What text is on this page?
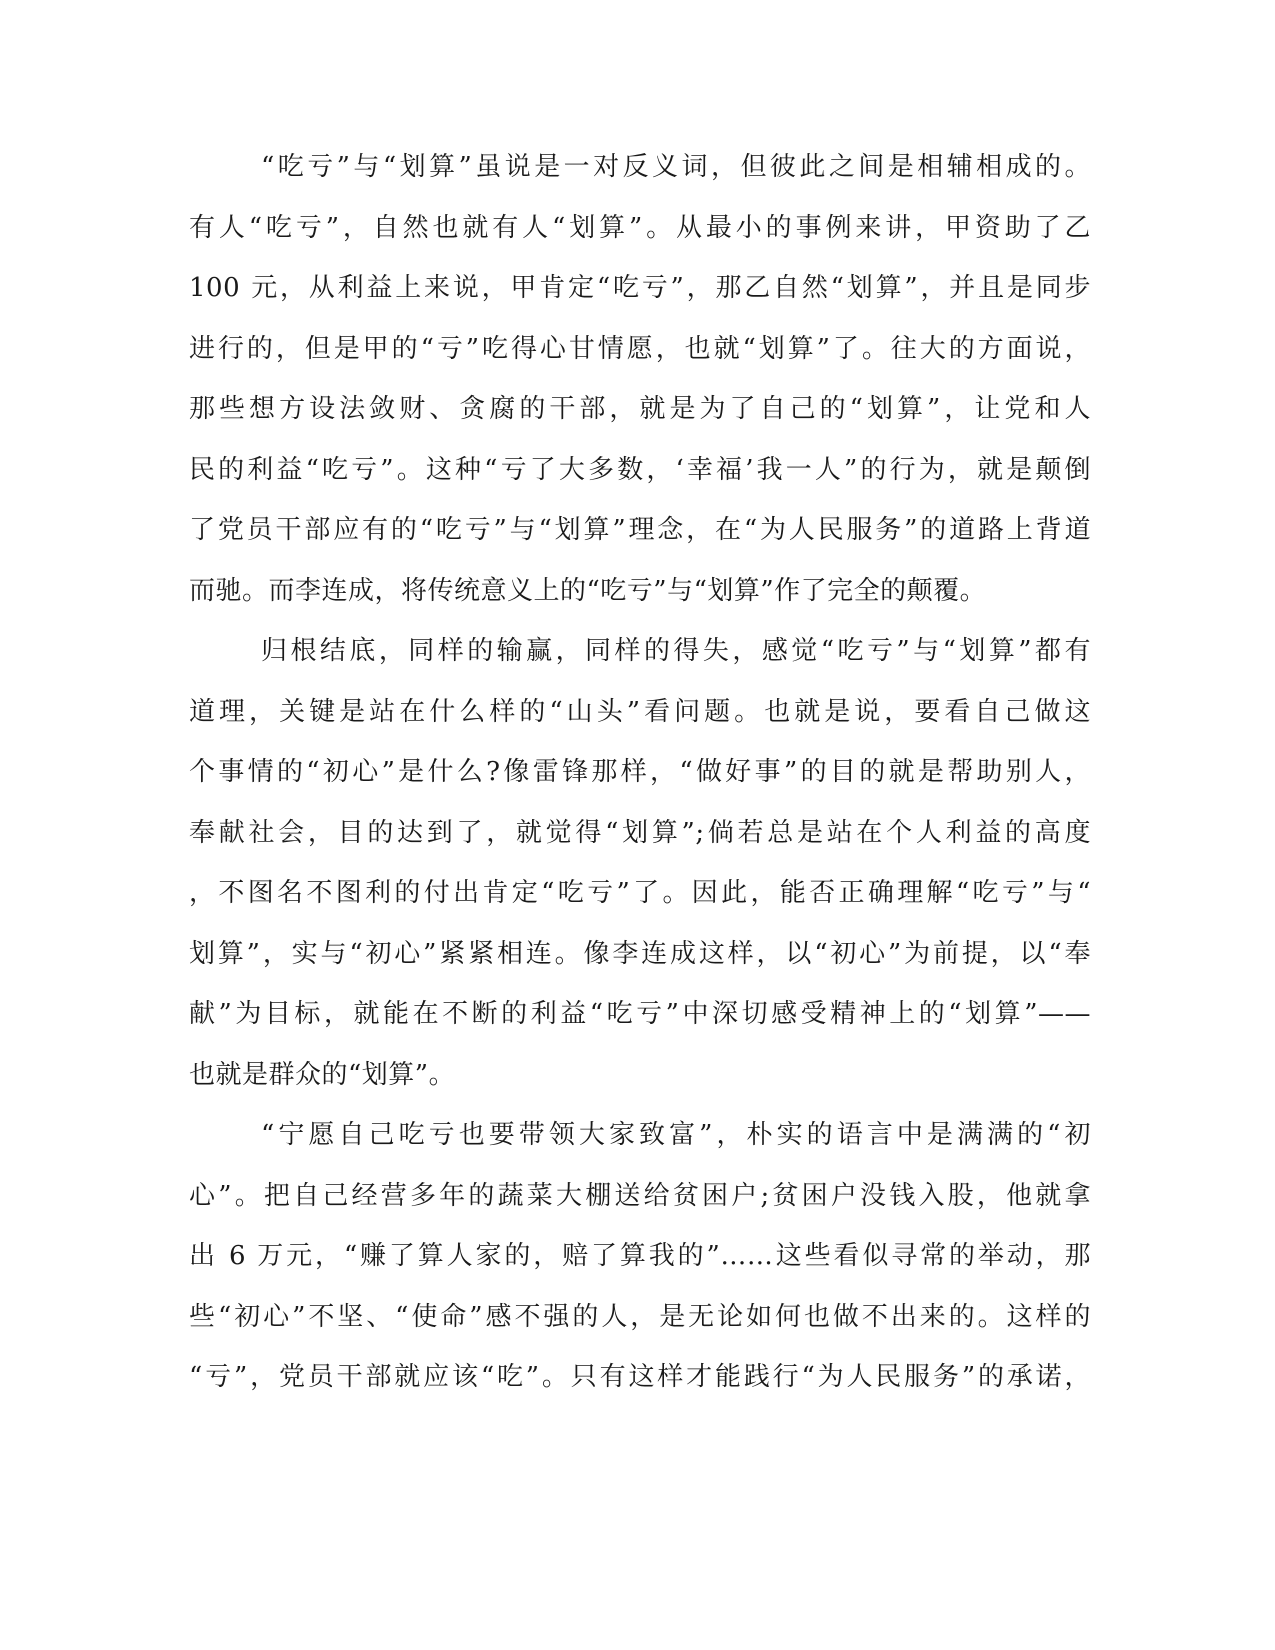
“吃亏”与“划算”虽说是一对反义词，但彼此之间是相辅相成的。
有人“吃亏”，自然也就有人“划算”。从最小的事例来讲，甲资助了乙
100 元，从利益上来说，甲肯定“吃亏”，那乙自然“划算”，并且是同步
进行的，但是甲的“亏”吃得心甘情愿，也就“划算”了。往大的方面说，
那些想方设法敛财、贪腐的干部，就是为了自己的“划算”，让党和人
民的利益“吃亏”。这种“亏了大多数，‘幸福’我一人”的行为，就是颠倒
了党员干部应有的“吃亏”与“划算”理念，在“为人民服务”的道路上背道
而驰。而李连成，将传统意义上的“吃亏”与“划算”作了完全的颠覆。
归根结底，同样的输赢，同样的得失，感觉“吃亏”与“划算”都有
道理，关键是站在什么样的“山头”看问题。也就是说，要看自己做这
个事情的“初心”是什么?像雷锋那样，“做好事”的目的就是帮助别人，
奉献社会，目的达到了，就觉得“划算”;倘若总是站在个人利益的高度
，不图名不图利的付出肯定“吃亏”了。因此，能否正确理解“吃亏”与“
划算”，实与“初心”紧紧相连。像李连成这样，以“初心”为前提，以“奉
献”为目标，就能在不断的利益“吃亏”中深切感受精神上的“划算”——
也就是群众的“划算”。
“宁愿自己吃亏也要带领大家致富”，朴实的语言中是满满的“初
心”。把自己经营多年的蔬菜大棚送给贫困户;贫困户没钱入股，他就拿
出 6 万元，“赚了算人家的，赔了算我的”……这些看似寻常的举动，那
些“初心”不坚、“使命”感不强的人，是无论如何也做不出来的。这样的
“亏”，党员干部就应该“吃”。只有这样才能践行“为人民服务”的承诺，
